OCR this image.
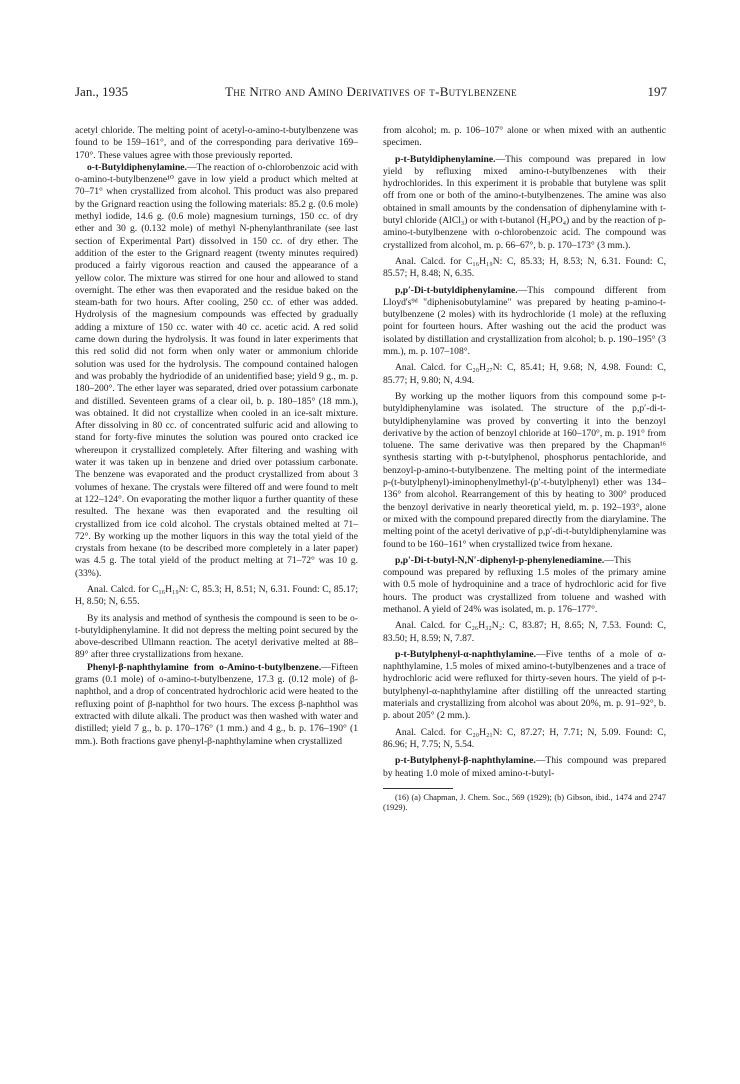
Jan., 1935	The Nitro and Amino Derivatives of t-Butylbenzene	197

acetyl chloride. The melting point of acetyl-o-amino-t-butylbenzene was found to be 159–161°, and of the corresponding para derivative 169–170°. These values agree with those previously reported.

o-t-Butyldiphenylamine.—The reaction of o-chlorobenzoic acid with o-amino-t-butylbenzene¹⁰ gave in low yield a product which melted at 70–71° when crystallized from alcohol. This product was also prepared by the Grignard reaction using the following materials: 85.2 g. (0.6 mole) methyl iodide, 14.6 g. (0.6 mole) magnesium turnings, 150 cc. of dry ether and 30 g. (0.132 mole) of methyl N-phenylanthranilate (see last section of Experimental Part) dissolved in 150 cc. of dry ether. The addition of the ester to the Grignard reagent (twenty minutes required) produced a fairly vigorous reaction and caused the appearance of a yellow color. The mixture was stirred for one hour and allowed to stand overnight. The ether was then evaporated and the residue baked on the steam-bath for two hours. After cooling, 250 cc. of ether was added. Hydrolysis of the magnesium compounds was effected by gradually adding a mixture of 150 cc. water with 40 cc. acetic acid. A red solid came down during the hydrolysis. It was found in later experiments that this red solid did not form when only water or ammonium chloride solution was used for the hydrolysis. The compound contained halogen and was probably the hydriodide of an unidentified base; yield 9 g., m. p. 180–200°. The ether layer was separated, dried over potassium carbonate and distilled. Seventeen grams of a clear oil, b. p. 180–185° (18 mm.), was obtained. It did not crystallize when cooled in an ice-salt mixture. After dissolving in 80 cc. of concentrated sulfuric acid and allowing to stand for forty-five minutes the solution was poured onto cracked ice whereupon it crystallized completely. After filtering and washing with water it was taken up in benzene and dried over potassium carbonate. The benzene was evaporated and the product crystallized from about 3 volumes of hexane. The crystals were filtered off and were found to melt at 122–124°. On evaporating the mother liquor a further quantity of these resulted. The hexane was then evaporated and the resulting oil crystallized from ice cold alcohol. The crystals obtained melted at 71–72°. By working up the mother liquors in this way the total yield of the crystals from hexane (to be described more completely in a later paper) was 4.5 g. The total yield of the product melting at 71–72° was 10 g. (33%).

Anal. Calcd. for C₁₆H₁₉N: C, 85.3; H, 8.51; N, 6.31. Found: C, 85.17; H, 8.50; N, 6.55.

By its analysis and method of synthesis the compound is seen to be o-t-butyldiphenylamine. It did not depress the melting point secured by the above-described Ullmann reaction. The acetyl derivative melted at 88–89° after three crystallizations from hexane.

Phenyl-β-naphthylamine from o-Amino-t-butylbenzene.—Fifteen grams (0.1 mole) of o-amino-t-butylbenzene, 17.3 g. (0.12 mole) of β-naphthol, and a drop of concentrated hydrochloric acid were heated to the refluxing point of β-naphthol for two hours. The excess β-naphthol was extracted with dilute alkali. The product was then washed with water and distilled; yield 7 g., b. p. 170–176° (1 mm.) and 4 g., b. p. 176–190° (1 mm.). Both fractions gave phenyl-β-naphthylamine when crystallized

from alcohol; m. p. 106–107° alone or when mixed with an authentic specimen.

p-t-Butyldiphenylamine.—This compound was prepared in low yield by refluxing mixed amino-t-butylbenzenes with their hydrochlorides. In this experiment it is probable that butylene was split off from one or both of the amino-t-butylbenzenes. The amine was also obtained in small amounts by the condensation of diphenylamine with t-butyl chloride (AlCl₃) or with t-butanol (H₃PO₄) and by the reaction of p-amino-t-butylbenzene with o-chlorobenzoic acid. The compound was crystallized from alcohol, m. p. 66–67°, b. p. 170–173° (3 mm.).

Anal. Calcd. for C₁₆H₁₉N: C, 85.33; H, 8.53; N, 6.31. Found: C, 85.57; H, 8.48; N, 6.35.

p,p′-Di-t-butyldiphenylamine.—This compound different from Lloyd's⁹ᵈ "diphenisobutylamine" was prepared by heating p-amino-t-butylbenzene (2 moles) with its hydrochloride (1 mole) at the refluxing point for fourteen hours. After washing out the acid the product was isolated by distillation and crystallization from alcohol; b. p. 190–195° (3 mm.), m. p. 107–108°.

Anal. Calcd. for C₂₀H₂₇N: C, 85.41; H, 9.68; N, 4.98. Found: C, 85.77; H, 9.80; N, 4.94.

By working up the mother liquors from this compound some p-t-butyldiphenylamine was isolated. The structure of the p,p′-di-t-butyldiphenylamine was proved by converting it into the benzoyl derivative by the action of benzoyl chloride at 160–170°, m. p. 191° from toluene. The same derivative was then prepared by the Chapman¹⁶ synthesis starting with p-t-butylphenol, phosphorus pentachloride, and benzoyl-p-amino-t-butylbenzene. The melting point of the intermediate p-(t-butylphenyl)-iminophenylmethyl-(p′-t-butylphenyl) ether was 134–136° from alcohol. Rearrangement of this by heating to 300° produced the benzoyl derivative in nearly theoretical yield, m. p. 192–193°, alone or mixed with the compound prepared directly from the diarylamine. The melting point of the acetyl derivative of p,p′-di-t-butyldiphenylamine was found to be 160–161° when crystallized twice from hexane.

p,p′-Di-t-butyl-N,N′-diphenyl-p-phenylenediamine.—This compound was prepared by refluxing 1.5 moles of the primary amine with 0.5 mole of hydroquinine and a trace of hydrochloric acid for five hours. The product was crystallized from toluene and washed with methanol. A yield of 24% was isolated, m. p. 176–177°.

Anal. Calcd. for C₂₆H₃₂N₂: C, 83.87; H, 8.65; N, 7.53. Found: C, 83.50; H, 8.59; N, 7.87.

p-t-Butylphenyl-α-naphthylamine.—Five tenths of a mole of α-naphthylamine, 1.5 moles of mixed amino-t-butylbenzenes and a trace of hydrochloric acid were refluxed for thirty-seven hours. The yield of p-t-butylphenyl-α-naphthylamine after distilling off the unreacted starting materials and crystallizing from alcohol was about 20%, m. p. 91–92°, b. p. about 205° (2 mm.).

Anal. Calcd. for C₂₀H₂₁N: C, 87.27; H, 7.71; N, 5.09. Found: C, 86.96; H, 7.75; N, 5.54.

p-t-Butylphenyl-β-naphthylamine.—This compound was prepared by heating 1.0 mole of mixed amino-t-butyl-

(16) (a) Chapman, J. Chem. Soc., 569 (1929); (b) Gibson, ibid., 1474 and 2747 (1929).
